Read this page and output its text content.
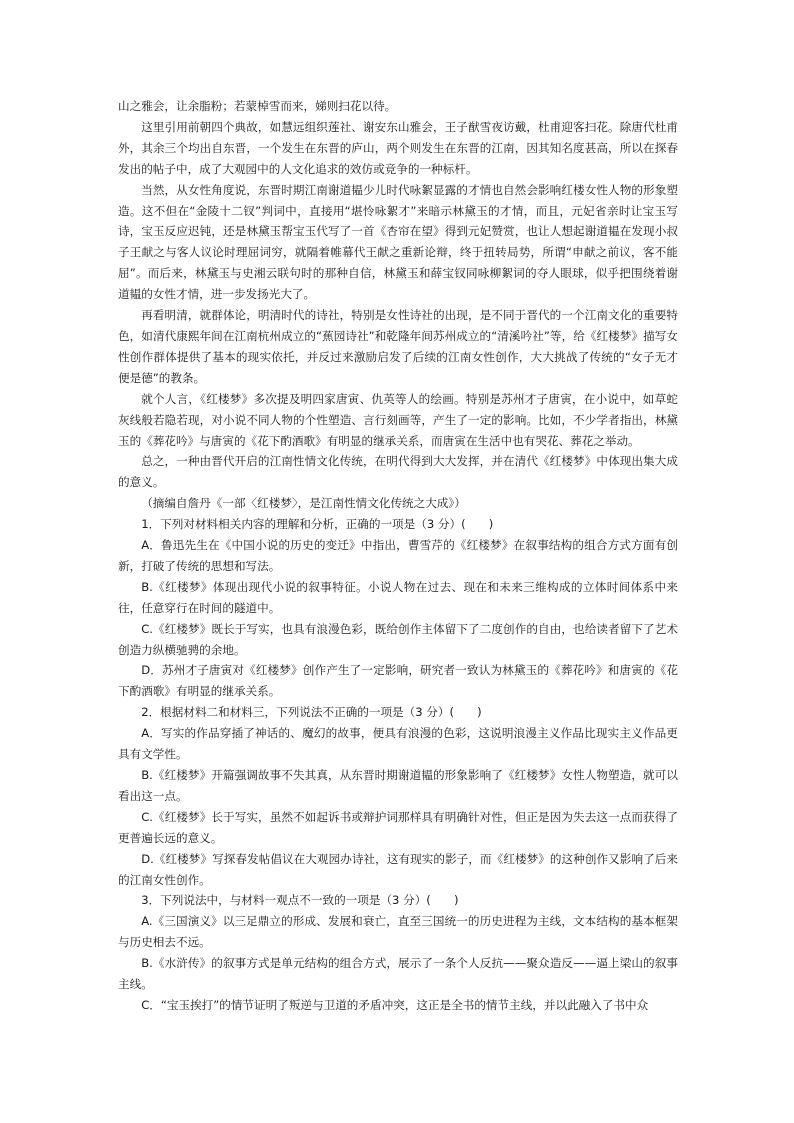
山之雅会，让余脂粉；若蒙棹雪而来，娣则扫花以待。

这里引用前朝四个典故，如慧远组织莲社、谢安东山雅会，王子猷雪夜访戴，杜甫迎客扫花。除唐代杜甫外，其余三个均出自东晋，一个发生在东晋的庐山，两个则发生在东晋的江南，因其知名度甚高，所以在探春发出的帖子中，成了大观园中的人文化追求的效仿或竞争的一种标杆。

当然，从女性角度说，东晋时期江南谢道韫少儿时代咏絮显露的才情也自然会影响红楼女性人物的形象塑造。这不但在“金陵十二钗”判词中，直接用“堪怜咏絮才”来暗示林黛玉的才情，而且，元妃省亲时让宝玉写诗，宝玉反应迟钝，还是林黛玉帮宝玉代写了一首《杏帘在望》得到元妃赞赏，也让人想起谢道韫在发现小叔子王献之与客人议论时理屈词穷，就隔着帷幕代王献之重新论辩，终于扭转局势，所谓“申献之前议，客不能屈”。而后来，林黛玉与史湘云联句时的那种自信，林黛玉和薛宝钗同咏柳絮词的夺人眼球，似乎把围绕着谢道韫的女性才情，进一步发扬光大了。

再看明清，就群体论，明清时代的诗社，特别是女性诗社的出现，是不同于晋代的一个江南文化的重要特色，如清代康熙年间在江南杭州成立的“蕉园诗社”和乾隆年间苏州成立的“清溪吟社”等，给《红楼梦》描写女性创作群体提供了基本的现实依托，并反过来激励启发了后续的江南女性创作，大大挑战了传统的“女子无才便是德”的教条。

就个人言，《红楼梦》多次提及明四家唐寅、仇英等人的绘画。特别是苏州才子唐寅，在小说中，如草蛇灰线般若隐若现，对小说不同人物的个性塑造、言行刻画等，产生了一定的影响。比如，不少学者指出，林黛玉的《葬花吟》与唐寅的《花下酌酒歌》有明显的继承关系，而唐寅在生活中也有哭花、葬花之举动。

总之，一种由晋代开启的江南性情文化传统，在明代得到大大发挥，并在清代《红楼梦》中体现出集大成的意义。

（摘编自詹丹《一部〈红楼梦〉，是江南性情文化传统之大成》）

1．下列对材料相关内容的理解和分析，正确的一项是（3 分）(　　)

A．鲁迅先生在《中国小说的历史的变迁》中指出，曹雪芹的《红楼梦》在叙事结构的组合方式方面有创新，打破了传统的思想和写法。

B.《红楼梦》体现出现代小说的叙事特征。小说人物在过去、现在和未来三维构成的立体时间体系中来往，任意穿行在时间的隧道中。

C.《红楼梦》既长于写实，也具有浪漫色彩，既给创作主体留下了二度创作的自由，也给读者留下了艺术创造力纵横驰骋的余地。

D．苏州才子唐寅对《红楼梦》创作产生了一定影响，研究者一致认为林黛玉的《葬花吟》和唐寅的《花下酌酒歌》有明显的继承关系。

2．根据材料二和材料三，下列说法不正确的一项是（3 分）(　　)

A．写实的作品穿插了神话的、魔幻的故事，便具有浪漫的色彩，这说明浪漫主义作品比现实主义作品更具有文学性。

B.《红楼梦》开篇强调故事不失其真，从东晋时期谢道韫的形象影响了《红楼梦》女性人物塑造，就可以看出这一点。

C.《红楼梦》长于写实，虽然不如起诉书或辩护词那样具有明确针对性，但正是因为失去这一点而获得了更普遍长远的意义。

D.《红楼梦》写探春发帖倡议在大观园办诗社，这有现实的影子，而《红楼梦》的这种创作又影响了后来的江南女性创作。

3．下列说法中，与材料一观点不一致的一项是（3 分）(　　)

A.《三国演义》以三足鼎立的形成、发展和衰亡，直至三国统一的历史进程为主线，文本结构的基本框架与历史相去不远。

B.《水浒传》的叙事方式是单元结构的组合方式，展示了一条个人反抗——聚众造反——逼上梁山的叙事主线。

C．“宝玉挨打”的情节证明了叛逆与卫道的矛盾冲突，这正是全书的情节主线，并以此融入了书中众
